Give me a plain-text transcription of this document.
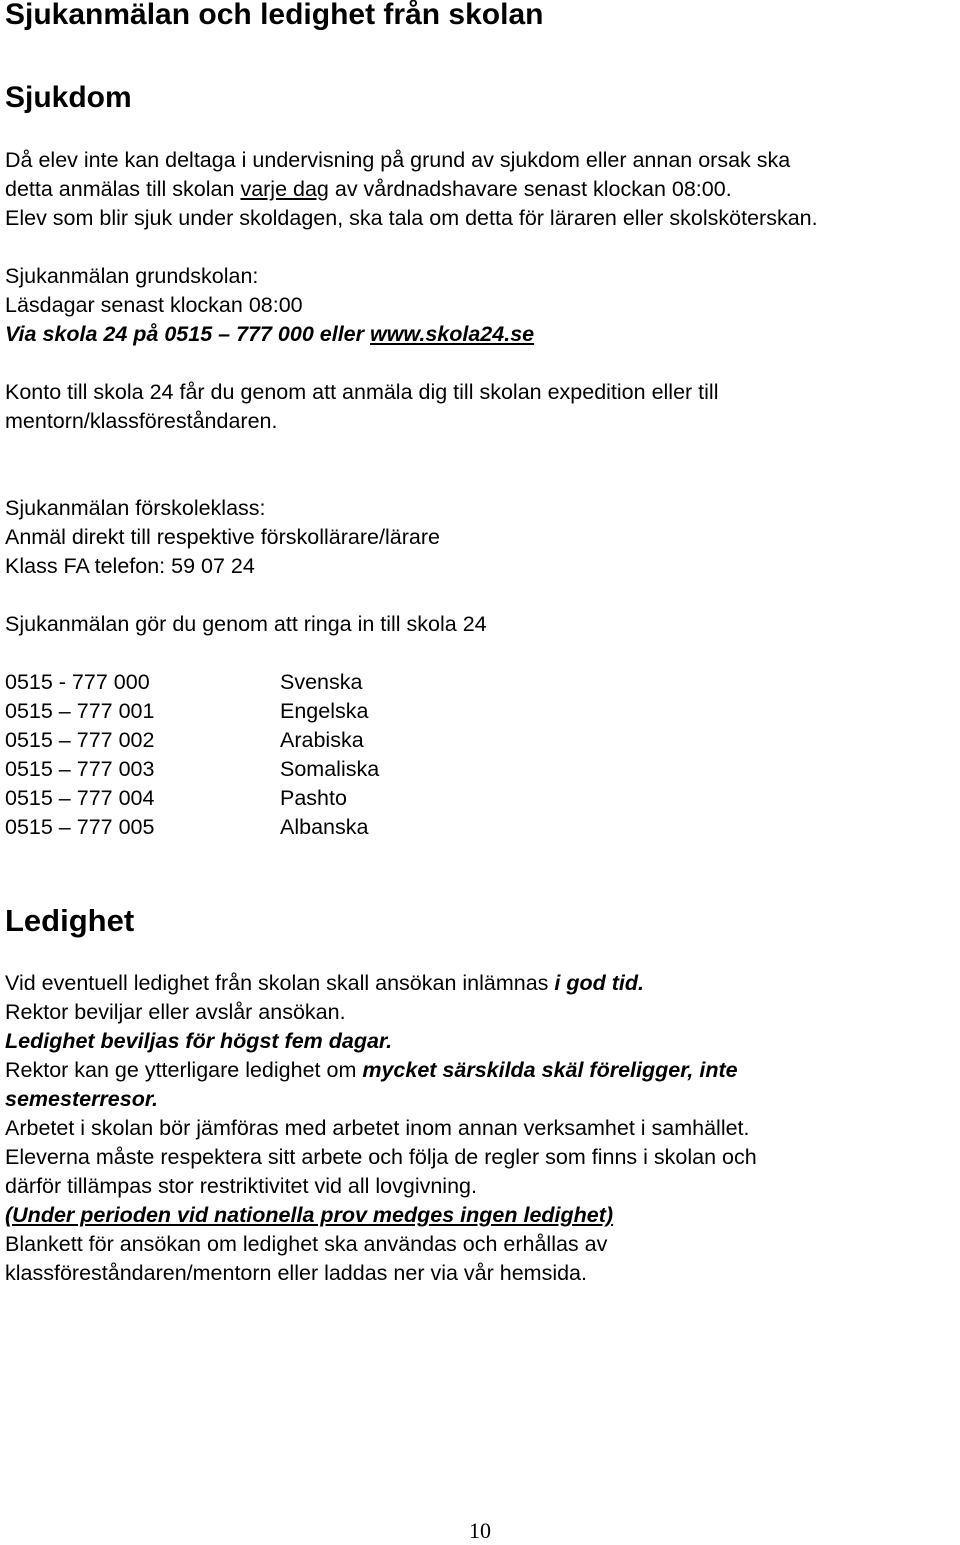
Sjukanmälan och ledighet från skolan
Sjukdom
Då elev inte kan deltaga i undervisning på grund av sjukdom eller annan orsak ska
detta anmälas till skolan varje dag av vårdnadshavare senast klockan 08:00.
Elev som blir sjuk under skoldagen, ska tala om detta för läraren eller skolsköterskan.
Sjukanmälan grundskolan:
Läsdagar senast klockan 08:00
Via skola 24 på 0515 – 777 000 eller www.skola24.se
Konto till skola 24 får du genom att anmäla dig till skolan expedition eller till
mentorn/klassföreståndaren.
Sjukanmälan förskoleklass:
Anmäl direkt till respektive förskollärare/lärare
Klass FA telefon: 59 07 24
Sjukanmälan gör du genom att ringa in till skola 24
0515 - 777 000	Svenska
0515 – 777 001	Engelska
0515 – 777 002	Arabiska
0515 – 777 003	Somaliska
0515 – 777 004	Pashto
0515 – 777 005	Albanska
Ledighet
Vid eventuell ledighet från skolan skall ansökan inlämnas i god tid.
Rektor beviljar eller avslår ansökan.
Ledighet beviljas för högst fem dagar.
Rektor kan ge ytterligare ledighet om mycket särskilda skäl föreligger, inte
semesterresor.
Arbetet i skolan bör jämföras med arbetet inom annan verksamhet i samhället.
Eleverna måste respektera sitt arbete och följa de regler som finns i skolan och
därför tillämpas stor restriktivitet vid all lovgivning.
(Under perioden vid nationella prov medges ingen ledighet)
Blankett för ansökan om ledighet ska användas och erhållas av
klassföreståndaren/mentorn eller laddas ner via vår hemsida.
10
